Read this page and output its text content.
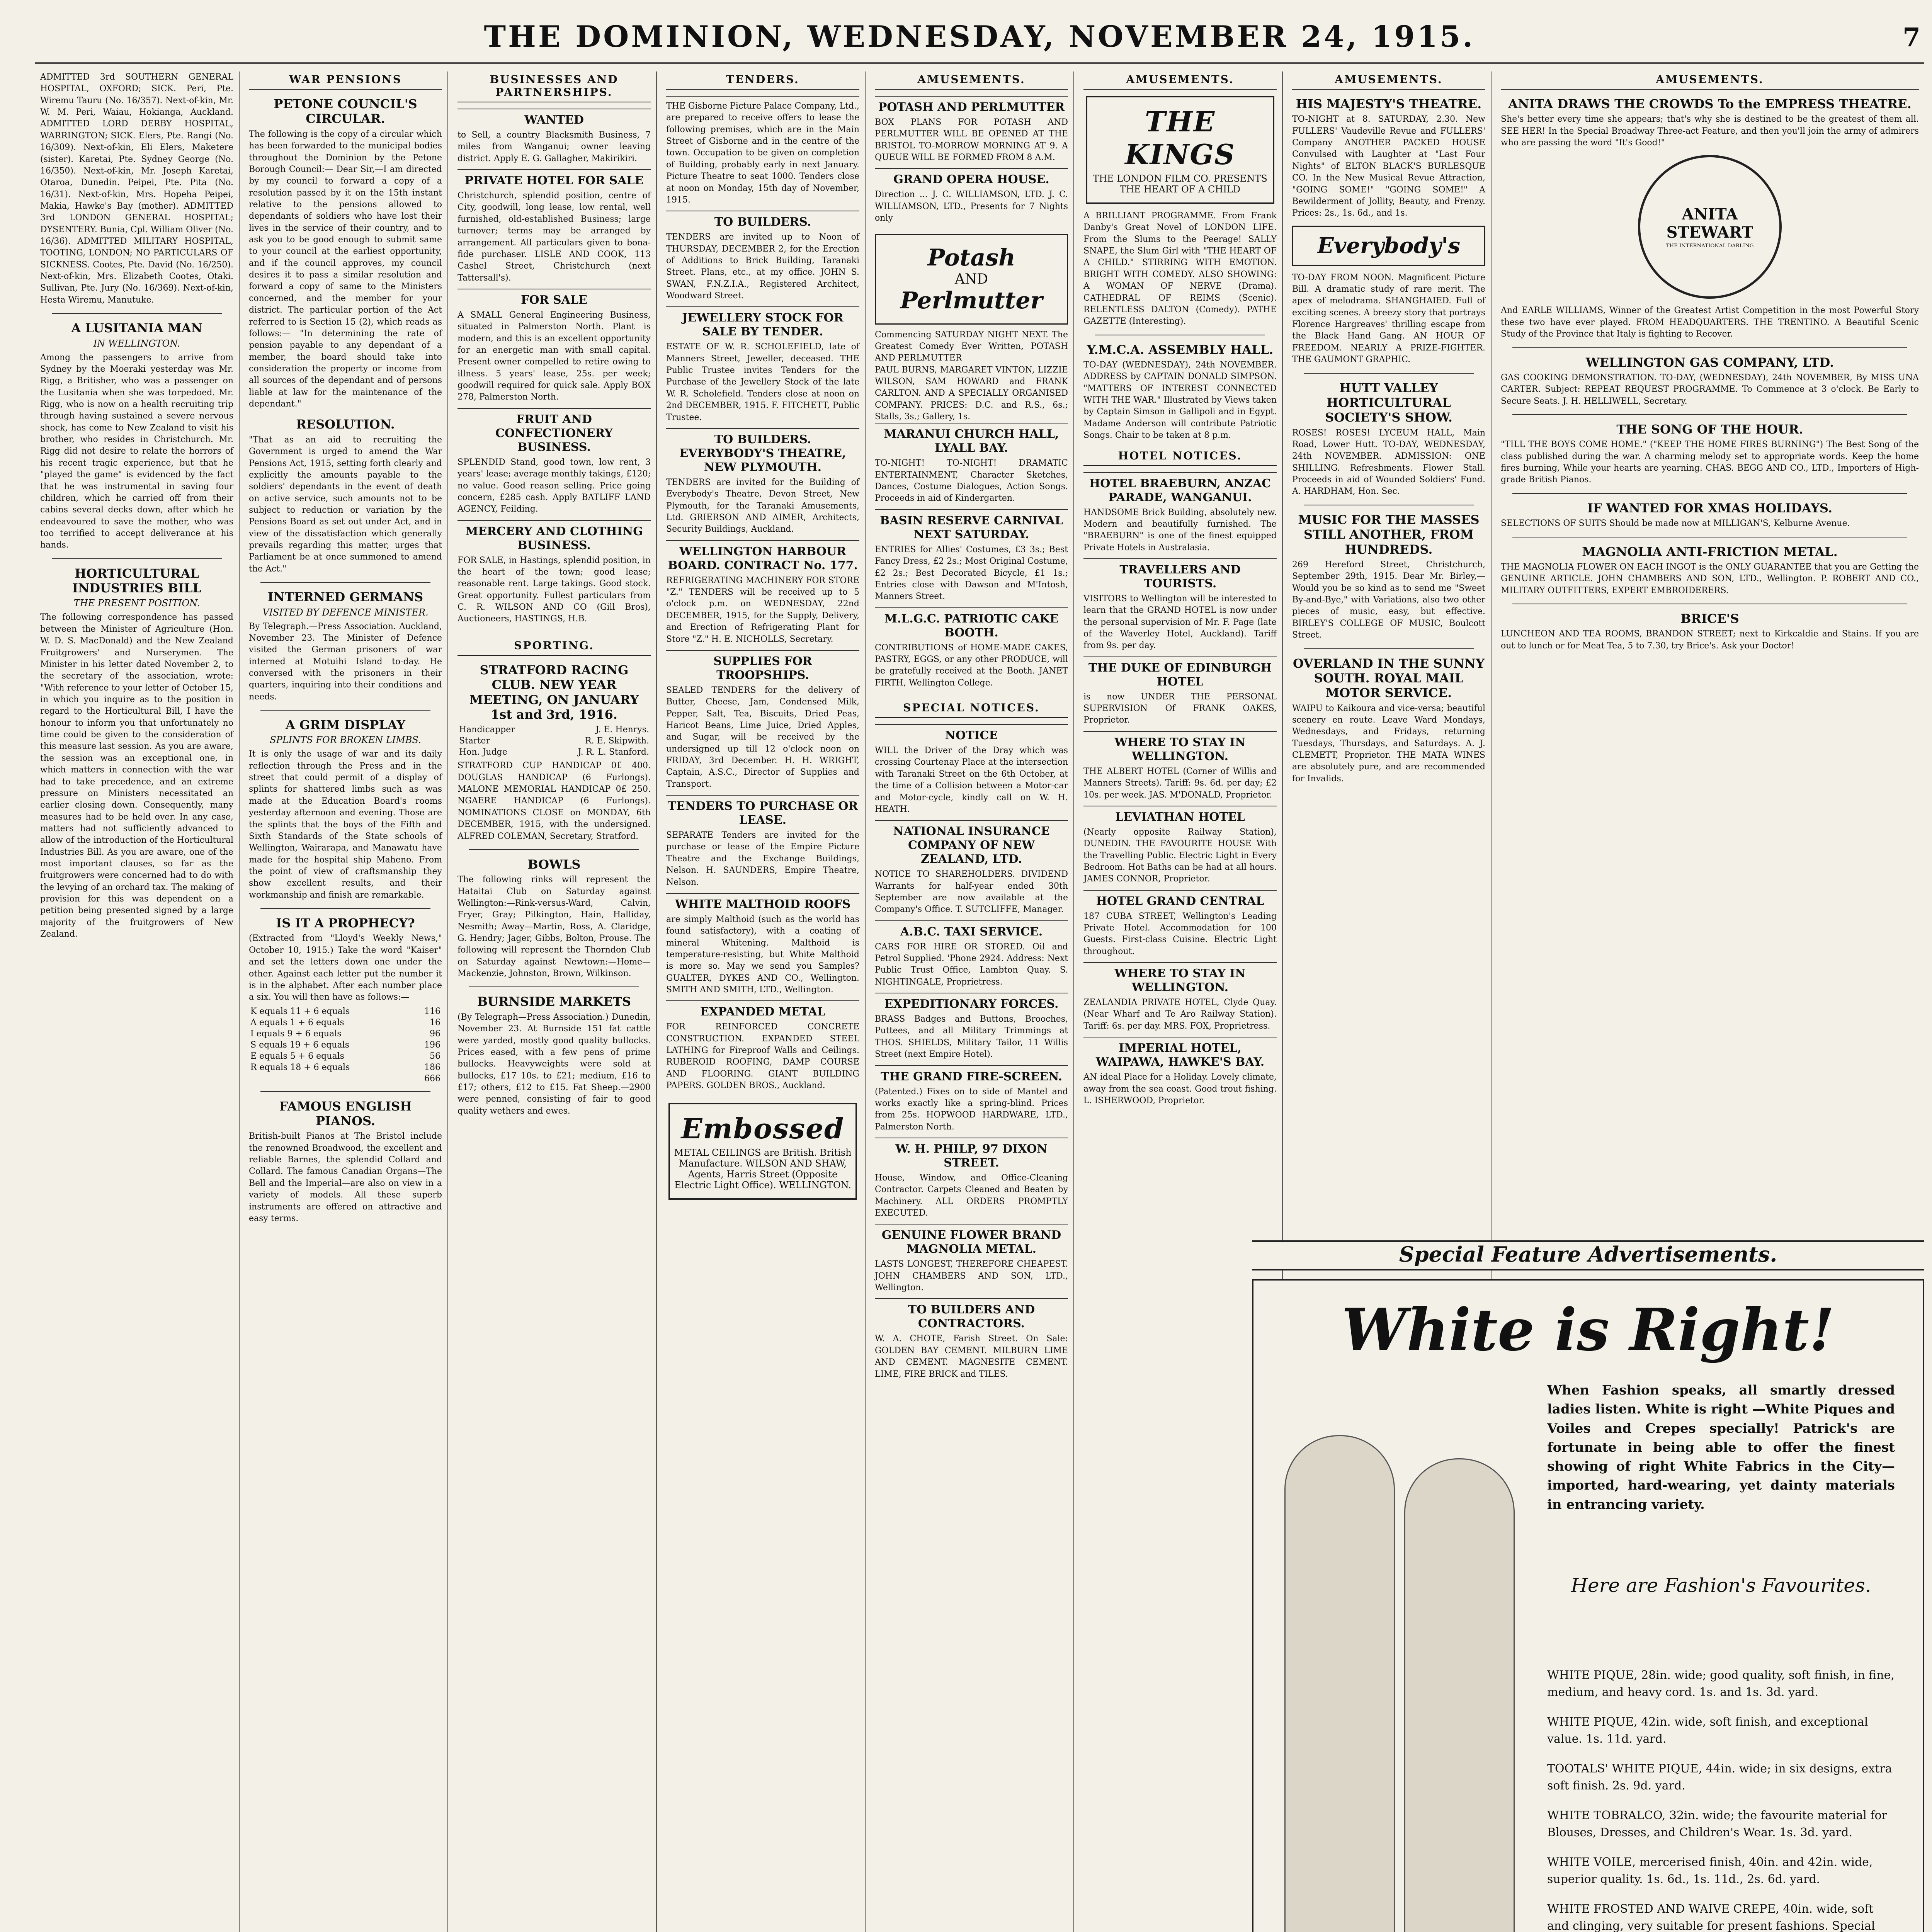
THE DOMINION, WEDNESDAY, NOVEMBER 24, 1915.	7

ADMITTED 3rd SOUTHERN GENERAL HOSPITAL, OXFORD; SICK. Peri, Pte. Wiremu Tauru (No. 16/357). Next-of-kin, Mr. W. M. Peri, Waiau, Hokianga, Auckland. ADMITTED LORD DERBY HOSPITAL, WARRINGTON; SICK. Elers, Pte. Rangi (No. 16/309). Next-of-kin, Eli Elers, Maketere (sister). Karetai, Pte. Sydney George (No. 16/350). Next-of-kin, Mr. Joseph Karetai, Otaroa, Dunedin. Peipei, Pte. Pita (No. 16/31). Next-of-kin, Mrs. Hopeha Peipei, Makia, Hawke's Bay (mother). ADMITTED 3rd LONDON GENERAL HOSPITAL; DYSENTERY. Bunia, Cpl. William Oliver (No. 16/36). ADMITTED MILITARY HOSPITAL, TOOTING, LONDON; NO PARTICULARS OF SICKNESS. Cootes, Pte. David (No. 16/250). Next-of-kin, Mrs. Elizabeth Cootes, Otaki. Sullivan, Pte. Jury (No. 16/369). Next-of-kin, Hesta Wiremu, Manutuke.

A LUSITANIA MAN
IN WELLINGTON.

Among the passengers to arrive from Sydney by the Moeraki yesterday was Mr. Rigg, a Britisher, who was a passenger on the Lusitania when she was torpedoed. Mr. Rigg, who is now on a health recruiting trip through having sustained a severe nervous shock, has come to New Zealand to visit his brother, who resides in Christchurch. Mr. Rigg did not desire to relate the horrors of his recent tragic experience, but that he "played the game" is evidenced by the fact that he was instrumental in saving four children, which he carried off from their cabins several decks down, after which he endeavoured to save the mother, who was too terrified to accept deliverance at his hands.

HORTICULTURAL INDUSTRIES BILL
THE PRESENT POSITION.

The following correspondence has passed between the Minister of Agriculture (Hon. W. D. S. MacDonald) and the New Zealand Fruitgrowers' and Nurserymen. The Minister in his letter dated November 2, to the secretary of the association, wrote: "With reference to your letter of October 15, in which you inquire as to the position in regard to the Horticultural Bill, I have the honour to inform you that unfortunately no time could be given to the consideration of this measure last session. As you are aware, the session was an exceptional one, in which matters in connection with the war had to take precedence, and an extreme pressure on Ministers necessitated an earlier closing down. Consequently, many measures had to be held over. In any case, matters had not sufficiently advanced to allow of the introduction of the Horticultural Industries Bill. As you are aware, one of the most important clauses, so far as the fruitgrowers were concerned had to do with the levying of an orchard tax. The making of provision for this was dependent on a petition being presented signed by a large majority of the fruitgrowers of New Zealand.

WAR PENSIONS
PETONE COUNCIL'S CIRCULAR.

The following is the copy of a circular which has been forwarded to the municipal bodies throughout the Dominion by the Petone Borough Council:— Dear Sir,—I am directed by my council to forward a copy of a resolution passed by it on the 15th instant relative to the pensions allowed to dependants of soldiers who have lost their lives in the service of their country, and to ask you to be good enough to submit same to your council at the earliest opportunity, and if the council approves, my council desires it to pass a similar resolution and forward a copy of same to the Ministers concerned, and the member for your district. The particular portion of the Act referred to is Section 15 (2), which reads as follows:— "In determining the rate of pension payable to any dependant of a member, the board should take into consideration the property or income from all sources of the dependant and of persons liable at law for the maintenance of the dependant."

RESOLUTION.

"That as an aid to recruiting the Government is urged to amend the War Pensions Act, 1915, setting forth clearly and explicitly the amounts payable to the soldiers' dependants in the event of death on active service, such amounts not to be subject to reduction or variation by the Pensions Board as set out under Act, and in view of the dissatisfaction which generally prevails regarding this matter, urges that Parliament be at once summoned to amend the Act."

INTERNED GERMANS
VISITED BY DEFENCE MINISTER.

By Telegraph.—Press Association. Auckland, November 23. The Minister of Defence visited the German prisoners of war interned at Motuihi Island to-day. He conversed with the prisoners in their quarters, inquiring into their conditions and needs.

A GRIM DISPLAY
SPLINTS FOR BROKEN LIMBS.

It is only the usage of war and its daily reflection through the Press and in the street that could permit of a display of splints for shattered limbs such as was made at the Education Board's rooms yesterday afternoon and evening. Those are the splints that the boys of the Fifth and Sixth Standards of the State schools of Wellington, Wairarapa, and Manawatu have made for the hospital ship Maheno. From the point of view of craftsmanship they show excellent results, and their workmanship and finish are remarkable.

IS IT A PROPHECY?

(Extracted from "Lloyd's Weekly News," October 10, 1915.) Take the word "Kaiser" and set the letters down one under the other. Against each letter put the number it is in the alphabet. After each number place a six. You will then have as follows:—

K equals 11 + 6 equals	116
A equals 1 + 6 equals	16
I equals 9 + 6 equals	96
S equals 19 + 6 equals	196
E equals 5 + 6 equals	56
R equals 18 + 6 equals	186
	666
FAMOUS ENGLISH PIANOS.

British-built Pianos at The Bristol include the renowned Broadwood, the excellent and reliable Barnes, the splendid Collard and Collard. The famous Canadian Organs—The Bell and the Imperial—are also on view in a variety of models. All these superb instruments are offered on attractive and easy terms.

BUSINESSES AND PARTNERSHIPS.
WANTED
to Sell, a country Blacksmith Business, 7 miles from Wanganui; owner leaving district. Apply E. G. Gallagher, Makirikiri.
PRIVATE HOTEL FOR SALE
Christchurch, splendid position, centre of City, goodwill, long lease, low rental, well furnished, old-established Business; large turnover; terms may be arranged by arrangement. All particulars given to bona-fide purchaser. LISLE AND COOK, 113 Cashel Street, Christchurch (next Tattersall's).
FOR SALE
A SMALL General Engineering Business, situated in Palmerston North. Plant is modern, and this is an excellent opportunity for an energetic man with small capital. Present owner compelled to retire owing to illness. 5 years' lease, 25s. per week; goodwill required for quick sale. Apply BOX 278, Palmerston North.
FRUIT AND CONFECTIONERY BUSINESS.
SPLENDID Stand, good town, low rent, 3 years' lease; average monthly takings, £120; no value. Good reason selling. Price going concern, £285 cash. Apply BATLIFF LAND AGENCY, Feilding.
MERCERY AND CLOTHING BUSINESS.
FOR SALE, in Hastings, splendid position, in the heart of the town; good lease; reasonable rent. Large takings. Good stock. Great opportunity. Fullest particulars from C. R. WILSON AND CO (Gill Bros), Auctioneers, HASTINGS, H.B.
SPORTING.
STRATFORD RACING CLUB. NEW YEAR MEETING, ON JANUARY 1st and 3rd, 1916.
Handicapper	J. E. Henrys.
Starter	R. E. Skipwith.
Hon. Judge	J. R. L. Stanford.

STRATFORD CUP HANDICAP 0£ 400. DOUGLAS HANDICAP (6 Furlongs). MALONE MEMORIAL HANDICAP 0£ 250. NGAERE HANDICAP (6 Furlongs). NOMINATIONS CLOSE on MONDAY, 6th DECEMBER, 1915, with the undersigned. ALFRED COLEMAN, Secretary, Stratford.

BOWLS

The following rinks will represent the Hataitai Club on Saturday against Wellington:—Rink-versus-Ward, Calvin, Fryer, Gray; Pilkington, Hain, Halliday, Nesmith; Away—Martin, Ross, A. Claridge, G. Hendry; Jager, Gibbs, Bolton, Prouse. The following will represent the Thorndon Club on Saturday against Newtown:—Home—Mackenzie, Johnston, Brown, Wilkinson.

BURNSIDE MARKETS

(By Telegraph—Press Association.) Dunedin, November 23. At Burnside 151 fat cattle were yarded, mostly good quality bullocks. Prices eased, with a few pens of prime bullocks. Heavyweights were sold at bullocks, £17 10s. to £21; medium, £16 to £17; others, £12 to £15. Fat Sheep.—2900 were penned, consisting of fair to good quality wethers and ewes.

TENDERS.
THE Gisborne Picture Palace Company, Ltd., are prepared to receive offers to lease the following premises, which are in the Main Street of Gisborne and in the centre of the town. Occupation to be given on completion of Building, probably early in next January. Picture Theatre to seat 1000. Tenders close at noon on Monday, 15th day of November, 1915.
TO BUILDERS.
TENDERS are invited up to Noon of THURSDAY, DECEMBER 2, for the Erection of Additions to Brick Building, Taranaki Street. Plans, etc., at my office. JOHN S. SWAN, F.N.Z.I.A., Registered Architect, Woodward Street.
JEWELLERY STOCK FOR SALE BY TENDER.
ESTATE OF W. R. SCHOLEFIELD, late of Manners Street, Jeweller, deceased. THE Public Trustee invites Tenders for the Purchase of the Jewellery Stock of the late W. R. Scholefield. Tenders close at noon on 2nd DECEMBER, 1915. F. FITCHETT, Public Trustee.
TO BUILDERS. EVERYBODY'S THEATRE, NEW PLYMOUTH.
TENDERS are invited for the Building of Everybody's Theatre, Devon Street, New Plymouth, for the Taranaki Amusements, Ltd. GRIERSON AND AIMER, Architects, Security Buildings, Auckland.
WELLINGTON HARBOUR BOARD. CONTRACT No. 177.
REFRIGERATING MACHINERY FOR STORE "Z." TENDERS will be received up to 5 o'clock p.m. on WEDNESDAY, 22nd DECEMBER, 1915, for the Supply, Delivery, and Erection of Refrigerating Plant for Store "Z." H. E. NICHOLLS, Secretary.
SUPPLIES FOR TROOPSHIPS.
SEALED TENDERS for the delivery of Butter, Cheese, Jam, Condensed Milk, Pepper, Salt, Tea, Biscuits, Dried Peas, Haricot Beans, Lime Juice, Dried Apples, and Sugar, will be received by the undersigned up till 12 o'clock noon on FRIDAY, 3rd December. H. H. WRIGHT, Captain, A.S.C., Director of Supplies and Transport.
TENDERS TO PURCHASE OR LEASE.
SEPARATE Tenders are invited for the purchase or lease of the Empire Picture Theatre and the Exchange Buildings, Nelson. H. SAUNDERS, Empire Theatre, Nelson.
WHITE MALTHOID ROOFS
are simply Malthoid (such as the world has found satisfactory), with a coating of mineral Whitening. Malthoid is temperature-resisting, but White Malthoid is more so. May we send you Samples? GUALTER, DYKES AND CO., Wellington. SMITH AND SMITH, LTD., Wellington.
EXPANDED METAL
FOR REINFORCED CONCRETE CONSTRUCTION. EXPANDED STEEL LATHING for Fireproof Walls and Ceilings. RUBEROID ROOFING, DAMP COURSE AND FLOORING. GIANT BUILDING PAPERS. GOLDEN BROS., Auckland.
Embossed
METAL CEILINGS are British. British Manufacture. WILSON AND SHAW, Agents, Harris Street (Opposite Electric Light Office). WELLINGTON.
AMUSEMENTS.
POTASH AND PERLMUTTER
BOX PLANS FOR POTASH AND PERLMUTTER WILL BE OPENED AT THE BRISTOL TO-MORROW MORNING AT 9. A QUEUE WILL BE FORMED FROM 8 A.M.
GRAND OPERA HOUSE.
Direction ... J. C. WILLIAMSON, LTD. J. C. WILLIAMSON, LTD., Presents for 7 Nights only
Potash
AND
Perlmutter

Commencing SATURDAY NIGHT NEXT. The Greatest Comedy Ever Written, POTASH AND PERLMUTTER

PAUL BURNS, MARGARET VINTON, LIZZIE WILSON, SAM HOWARD and FRANK CARLTON. AND A SPECIALLY ORGANISED COMPANY. PRICES: D.C. and R.S., 6s.; Stalls, 3s.; Gallery, 1s.

MARANUI CHURCH HALL, LYALL BAY.
TO-NIGHT! TO-NIGHT! DRAMATIC ENTERTAINMENT, Character Sketches, Dances, Costume Dialogues, Action Songs. Proceeds in aid of Kindergarten.
BASIN RESERVE CARNIVAL NEXT SATURDAY.
ENTRIES for Allies' Costumes, £3 3s.; Best Fancy Dress, £2 2s.; Most Original Costume, £2 2s.; Best Decorated Bicycle, £1 1s.; Entries close with Dawson and M'Intosh, Manners Street.
M.L.G.C. PATRIOTIC CAKE BOOTH.
CONTRIBUTIONS of HOME-MADE CAKES, PASTRY, EGGS, or any other PRODUCE, will be gratefully received at the Booth. JANET FIRTH, Wellington College.
SPECIAL NOTICES.
NOTICE
WILL the Driver of the Dray which was crossing Courtenay Place at the intersection with Taranaki Street on the 6th October, at the time of a Collision between a Motor-car and Motor-cycle, kindly call on W. H. HEATH.
NATIONAL INSURANCE COMPANY OF NEW ZEALAND, LTD.
NOTICE TO SHAREHOLDERS. DIVIDEND Warrants for half-year ended 30th September are now available at the Company's Office. T. SUTCLIFFE, Manager.
A.B.C. TAXI SERVICE.
CARS FOR HIRE OR STORED. Oil and Petrol Supplied. 'Phone 2924. Address: Next Public Trust Office, Lambton Quay. S. NIGHTINGALE, Proprietress.
EXPEDITIONARY FORCES.
BRASS Badges and Buttons, Brooches, Puttees, and all Military Trimmings at THOS. SHIELDS, Military Tailor, 11 Willis Street (next Empire Hotel).
THE GRAND FIRE-SCREEN.
(Patented.) Fixes on to side of Mantel and works exactly like a spring-blind. Prices from 25s. HOPWOOD HARDWARE, LTD., Palmerston North.
W. H. PHILP, 97 DIXON STREET.
House, Window, and Office-Cleaning Contractor. Carpets Cleaned and Beaten by Machinery. ALL ORDERS PROMPTLY EXECUTED.
GENUINE FLOWER BRAND MAGNOLIA METAL.
LASTS LONGEST, THEREFORE CHEAPEST. JOHN CHAMBERS AND SON, LTD., Wellington.
TO BUILDERS AND CONTRACTORS.
W. A. CHOTE, Farish Street. On Sale: GOLDEN BAY CEMENT. MILBURN LIME AND CEMENT. MAGNESITE CEMENT. LIME, FIRE BRICK and TILES.
AMUSEMENTS.
THE KINGS
THE LONDON FILM CO. PRESENTS THE HEART OF A CHILD

A BRILLIANT PROGRAMME. From Frank Danby's Great Novel of LONDON LIFE. From the Slums to the Peerage! SALLY SNAPE, the Slum Girl with "THE HEART OF A CHILD." STIRRING WITH EMOTION. BRIGHT WITH COMEDY. ALSO SHOWING: A WOMAN OF NERVE (Drama). CATHEDRAL OF REIMS (Scenic). RELENTLESS DALTON (Comedy). PATHE GAZETTE (Interesting).

Y.M.C.A. ASSEMBLY HALL.

TO-DAY (WEDNESDAY), 24th NOVEMBER. ADDRESS by CAPTAIN DONALD SIMPSON. "MATTERS OF INTEREST CONNECTED WITH THE WAR." Illustrated by Views taken by Captain Simson in Gallipoli and in Egypt. Madame Anderson will contribute Patriotic Songs. Chair to be taken at 8 p.m.

HOTEL NOTICES.
HOTEL BRAEBURN, ANZAC PARADE, WANGANUI.
HANDSOME Brick Building, absolutely new. Modern and beautifully furnished. The "BRAEBURN" is one of the finest equipped Private Hotels in Australasia.
TRAVELLERS AND TOURISTS.
VISITORS to Wellington will be interested to learn that the GRAND HOTEL is now under the personal supervision of Mr. F. Page (late of the Waverley Hotel, Auckland). Tariff from 9s. per day.
THE DUKE OF EDINBURGH HOTEL
is now UNDER THE PERSONAL SUPERVISION Of FRANK OAKES, Proprietor.
WHERE TO STAY IN WELLINGTON.
THE ALBERT HOTEL (Corner of Willis and Manners Streets). Tariff: 9s. 6d. per day; £2 10s. per week. JAS. M'DONALD, Proprietor.
LEVIATHAN HOTEL
(Nearly opposite Railway Station), DUNEDIN. THE FAVOURITE HOUSE With the Travelling Public. Electric Light in Every Bedroom. Hot Baths can be had at all hours. JAMES CONNOR, Proprietor.
HOTEL GRAND CENTRAL
187 CUBA STREET, Wellington's Leading Private Hotel. Accommodation for 100 Guests. First-class Cuisine. Electric Light throughout.
WHERE TO STAY IN WELLINGTON.
ZEALANDIA PRIVATE HOTEL, Clyde Quay. (Near Wharf and Te Aro Railway Station). Tariff: 6s. per day. MRS. FOX, Proprietress.
IMPERIAL HOTEL, WAIPAWA, HAWKE'S BAY.
AN ideal Place for a Holiday. Lovely climate, away from the sea coast. Good trout fishing. L. ISHERWOOD, Proprietor.
AMUSEMENTS.
HIS MAJESTY'S THEATRE.

TO-NIGHT at 8. SATURDAY, 2.30. New FULLERS' Vaudeville Revue and FULLERS' Company ANOTHER PACKED HOUSE Convulsed with Laughter at "Last Four Nights" of ELTON BLACK'S BURLESQUE CO. In the New Musical Revue Attraction, "GOING SOME!" "GOING SOME!" A Bewilderment of Jollity, Beauty, and Frenzy. Prices: 2s., 1s. 6d., and 1s.

Everybody's

TO-DAY FROM NOON. Magnificent Picture Bill. A dramatic study of rare merit. The apex of melodrama. SHANGHAIED. Full of exciting scenes. A breezy story that portrays Florence Hargreaves' thrilling escape from the Black Hand Gang. AN HOUR OF FREEDOM. NEARLY A PRIZE-FIGHTER. THE GAUMONT GRAPHIC.

HUTT VALLEY HORTICULTURAL SOCIETY'S SHOW.

ROSES! ROSES! LYCEUM HALL, Main Road, Lower Hutt. TO-DAY, WEDNESDAY, 24th NOVEMBER. ADMISSION: ONE SHILLING. Refreshments. Flower Stall. Proceeds in aid of Wounded Soldiers' Fund. A. HARDHAM, Hon. Sec.

MUSIC FOR THE MASSES STILL ANOTHER, FROM HUNDREDS.

269 Hereford Street, Christchurch, September 29th, 1915. Dear Mr. Birley,—Would you be so kind as to send me "Sweet By-and-Bye," with Variations, also two other pieces of music, easy, but effective. BIRLEY'S COLLEGE OF MUSIC, Boulcott Street.

OVERLAND IN THE SUNNY SOUTH. ROYAL MAIL MOTOR SERVICE.

WAIPU to Kaikoura and vice-versa; beautiful scenery en route. Leave Ward Mondays, Wednesdays, and Fridays, returning Tuesdays, Thursdays, and Saturdays. A. J. CLEMETT, Proprietor. THE MATA WINES are absolutely pure, and are recommended for Invalids.

AMUSEMENTS.
ANITA DRAWS THE CROWDS To the EMPRESS THEATRE.

She's better every time she appears; that's why she is destined to be the greatest of them all. SEE HER! In the Special Broadway Three-act Feature, and then you'll join the army of admirers who are passing the word "It's Good!"

ANITA STEWART
THE INTERNATIONAL DARLING

And EARLE WILLIAMS, Winner of the Greatest Artist Competition in the most Powerful Story these two have ever played. FROM HEADQUARTERS. THE TRENTINO. A Beautiful Scenic Study of the Province that Italy is fighting to Recover.

WELLINGTON GAS COMPANY, LTD.

GAS COOKING DEMONSTRATION. TO-DAY, (WEDNESDAY), 24th NOVEMBER, By MISS UNA CARTER. Subject: REPEAT REQUEST PROGRAMME. To Commence at 3 o'clock. Be Early to Secure Seats. J. H. HELLIWELL, Secretary.

THE SONG OF THE HOUR.

"TILL THE BOYS COME HOME." ("KEEP THE HOME FIRES BURNING") The Best Song of the class published during the war. A charming melody set to appropriate words. Keep the home fires burning, While your hearts are yearning. CHAS. BEGG AND CO., LTD., Importers of High-grade British Pianos.

IF WANTED FOR XMAS HOLIDAYS.

SELECTIONS OF SUITS Should be made now at MILLIGAN'S, Kelburne Avenue.

MAGNOLIA ANTI-FRICTION METAL.

THE MAGNOLIA FLOWER ON EACH INGOT is the ONLY GUARANTEE that you are Getting the GENUINE ARTICLE. JOHN CHAMBERS AND SON, LTD., Wellington. P. ROBERT AND CO., MILITARY OUTFITTERS, EXPERT EMBROIDERERS.

BRICE'S

LUNCHEON AND TEA ROOMS, BRANDON STREET; next to Kirkcaldie and Stains. If you are out to lunch or for Meat Tea, 5 to 7.30, try Brice's. Ask your Doctor!

Special Feature Advertisements.
White is Right!
When Fashion speaks, all smartly dressed ladies listen. White is right —White Piques and Voiles and Crepes specially! Patrick's are fortunate in being able to offer the finest showing of right White Fabrics in the City—imported, hard-wearing, yet dainty materials in entrancing variety.
Here are Fashion's Favourites.

WHITE PIQUE, 28in. wide; good quality, soft finish, in fine, medium, and heavy cord. 1s. and 1s. 3d. yard.

WHITE PIQUE, 42in. wide, soft finish, and exceptional value. 1s. 11d. yard.

TOOTALS' WHITE PIQUE, 44in. wide; in six designs, extra soft finish. 2s. 9d. yard.

WHITE TOBRALCO, 32in. wide; the favourite material for Blouses, Dresses, and Children's Wear. 1s. 3d. yard.

WHITE VOILE, mercerised finish, 40in. and 42in. wide, superior quality. 1s. 6d., 1s. 11d., 2s. 6d. yard.

WHITE FROSTED AND WAIVE CREPE, 40in. wide, soft and clinging, very suitable for present fashions. Special
